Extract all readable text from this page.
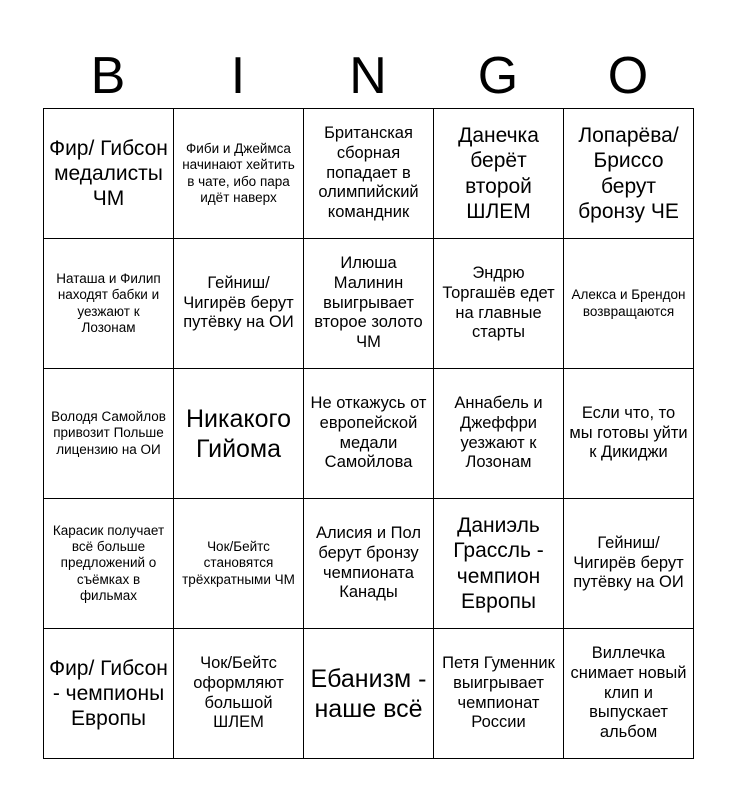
B	I	N	G	O
Фир/ Гибсон медалисты ЧМ	Фиби и Джеймса начинают хейтить в чате, ибо пара идёт наверх	Британская сборная попадает в олимпийский командник	Данечка берёт второй ШЛЕМ	Лопарёва/ Бриссо берут бронзу ЧЕ
Наташа и Филип находят бабки и уезжают к Лозонам	Гейниш/ Чигирёв берут путёвку на ОИ	Илюша Малинин выигрывает второе золото ЧМ	Эндрю Торгашёв едет на главные старты	Алекса и Брендон возвращаются
Володя Самойлов привозит Польше лицензию на ОИ	Никакого Гийома	Не откажусь от европейской медали Самойлова	Аннабель и Джеффри уезжают к Лозонам	Если что, то мы готовы уйти к Дикиджи
Карасик получает всё больше предложений о съёмках в фильмах	Чок/Бейтс становятся трёхкратными ЧМ	Алисия и Пол берут бронзу чемпионата Канады	Даниэль Грассль - чемпион Европы	Гейниш/ Чигирёв берут путёвку на ОИ
Фир/ Гибсон - чемпионы Европы	Чок/Бейтс оформляют большой ШЛЕМ	Ебанизм - наше всё	Петя Гуменник выигрывает чемпионат России	Виллечка снимает новый клип и выпускает альбом
